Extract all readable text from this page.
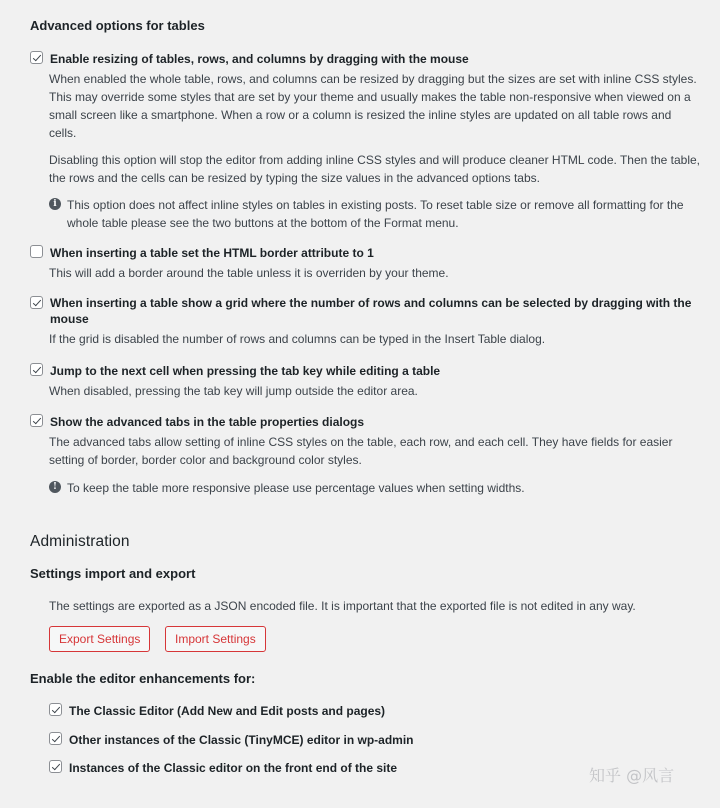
Advanced options for tables
Enable resizing of tables, rows, and columns by dragging with the mouse

When enabled the whole table, rows, and columns can be resized by dragging but the sizes are set with inline CSS styles. This may override some styles that are set by your theme and usually makes the table non-responsive when viewed on a small screen like a smartphone. When a row or a column is resized the inline styles are updated on all table rows and cells.

Disabling this option will stop the editor from adding inline CSS styles and will produce cleaner HTML code. Then the table, the rows and the cells can be resized by typing the size values in the advanced options tabs.

i This option does not affect inline styles on tables in existing posts. To reset table size or remove all formatting for the whole table please see the two buttons at the bottom of the Format menu.
When inserting a table set the HTML border attribute to 1

This will add a border around the table unless it is overriden by your theme.

When inserting a table show a grid where the number of rows and columns can be selected by dragging with the mouse

If the grid is disabled the number of rows and columns can be typed in the Insert Table dialog.

Jump to the next cell when pressing the tab key while editing a table

When disabled, pressing the tab key will jump outside the editor area.

Show the advanced tabs in the table properties dialogs

The advanced tabs allow setting of inline CSS styles on the table, each row, and each cell. They have fields for easier setting of border, border color and background color styles.

! To keep the table more responsive please use percentage values when setting widths.
Administration
Settings import and export
The settings are exported as a JSON encoded file. It is important that the exported file is not edited in any way.
Export Settings	Import Settings
Enable the editor enhancements for:
The Classic Editor (Add New and Edit posts and pages)
Other instances of the Classic (TinyMCE) editor in wp-admin
Instances of the Classic editor on the front end of the site	知乎 @风言
